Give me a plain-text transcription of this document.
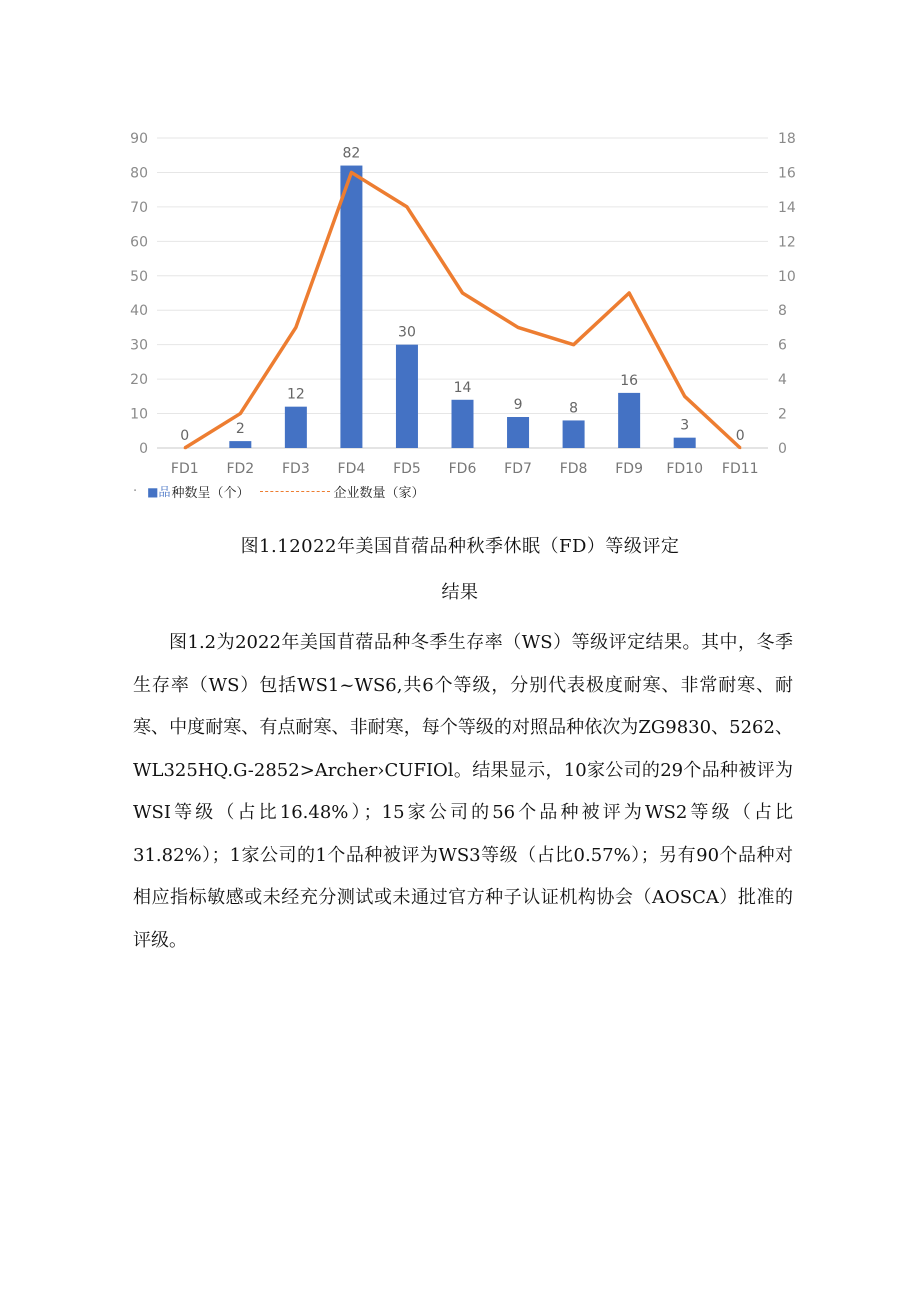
0
10
20
30
40
50
60
70
80
90
0
2
4
6
8
10
12
14
16
18
0	2
12
82
30
14
9	8
16
3
0
FD1 FD2 FD3 FD4 FD5 FD6 FD7 FD8 FD9 FD10 FD11
· ■品 种数呈（个）	企业数量（家）
图1.12022年美国苜蓿品种秋季休眠（FD）等级评定
结果

图1.2为2022年美国苜蓿品种冬季生存率（WS）等级评定结果。其中，冬季生存率（WS）包括WS1~WS6,共6个等级，分别代表极度耐寒、非常耐寒、耐寒、中度耐寒、有点耐寒、非耐寒，每个等级的对照品种依次为ZG9830、5262、WL325HQ.G-2852>Archer›CUFIOl。结果显示，10家公司的29个品种被评为WSI等级（占比16.48%）；15家公司的56个品种被评为WS2等级（占比31.82%）；1家公司的1个品种被评为WS3等级（占比0.57%）；另有90个品种对相应指标敏感或未经充分测试或未通过官方种子认证机构协会（AOSCA）批准的评级。
